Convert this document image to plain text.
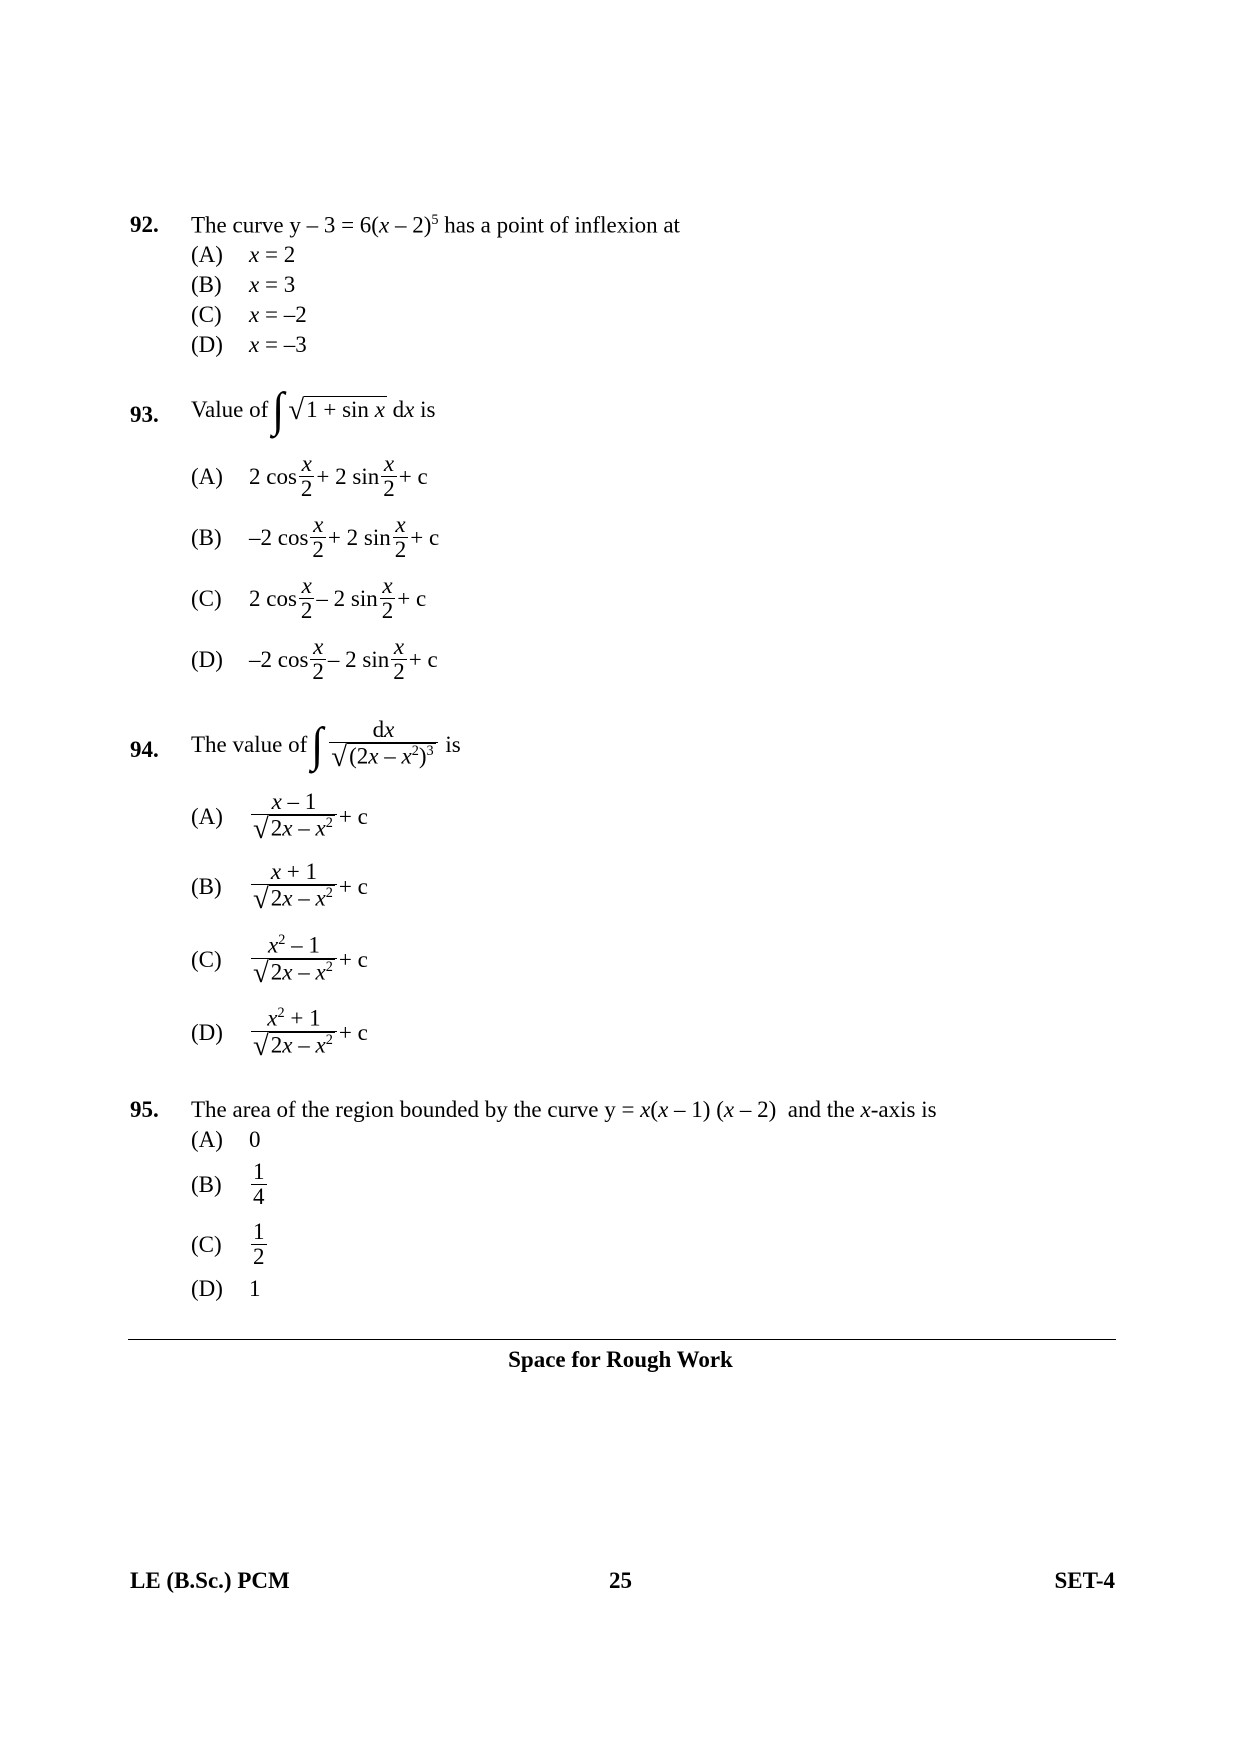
92. The curve y – 3 = 6(x – 2)$^5$ has a point of inflexion at
(A)	x = 2
(B)	x = 3
(C)	x = –2
(D)	x = –3
93. Value of ∫ √ 1 + sin x dx is
(A)	2 $\cos \frac{x}{2} + 2$ $\sin \frac{x}{2} + c$
(B)	–2 $\cos \frac{x}{2} + 2$ $\sin \frac{x}{2} + c$
(C)	2 $\cos \frac{x}{2} - 2$ $\sin \frac{x}{2} + c$
(D)	–2 $\cos \frac{x}{2} - 2$ $\sin \frac{x}{2} + c$
94. The value of ∫ $\frac{dx}{√ (2x - x^2)^3}$ is
(A)	$\frac{x - 1}{√ 2x - x^2} + c$
(B)	$\frac{x + 1}{√ 2x - x^2} + c$
(C)	$\frac{x^2 - 1}{√ 2x - x^2} + c$
(D)	$\frac{x^2 + 1}{√ 2x - x^2} + c$
95. The area of the region bounded by the curve y = x(x – 1) (x – 2)  and the x-axis is
(A)	0
(B)	$\frac{1}{4}$
(C)	$\frac{1}{2}$
(D)	1
Space for Rough Work
LE (B.Sc.) PCM	25	SET-4
